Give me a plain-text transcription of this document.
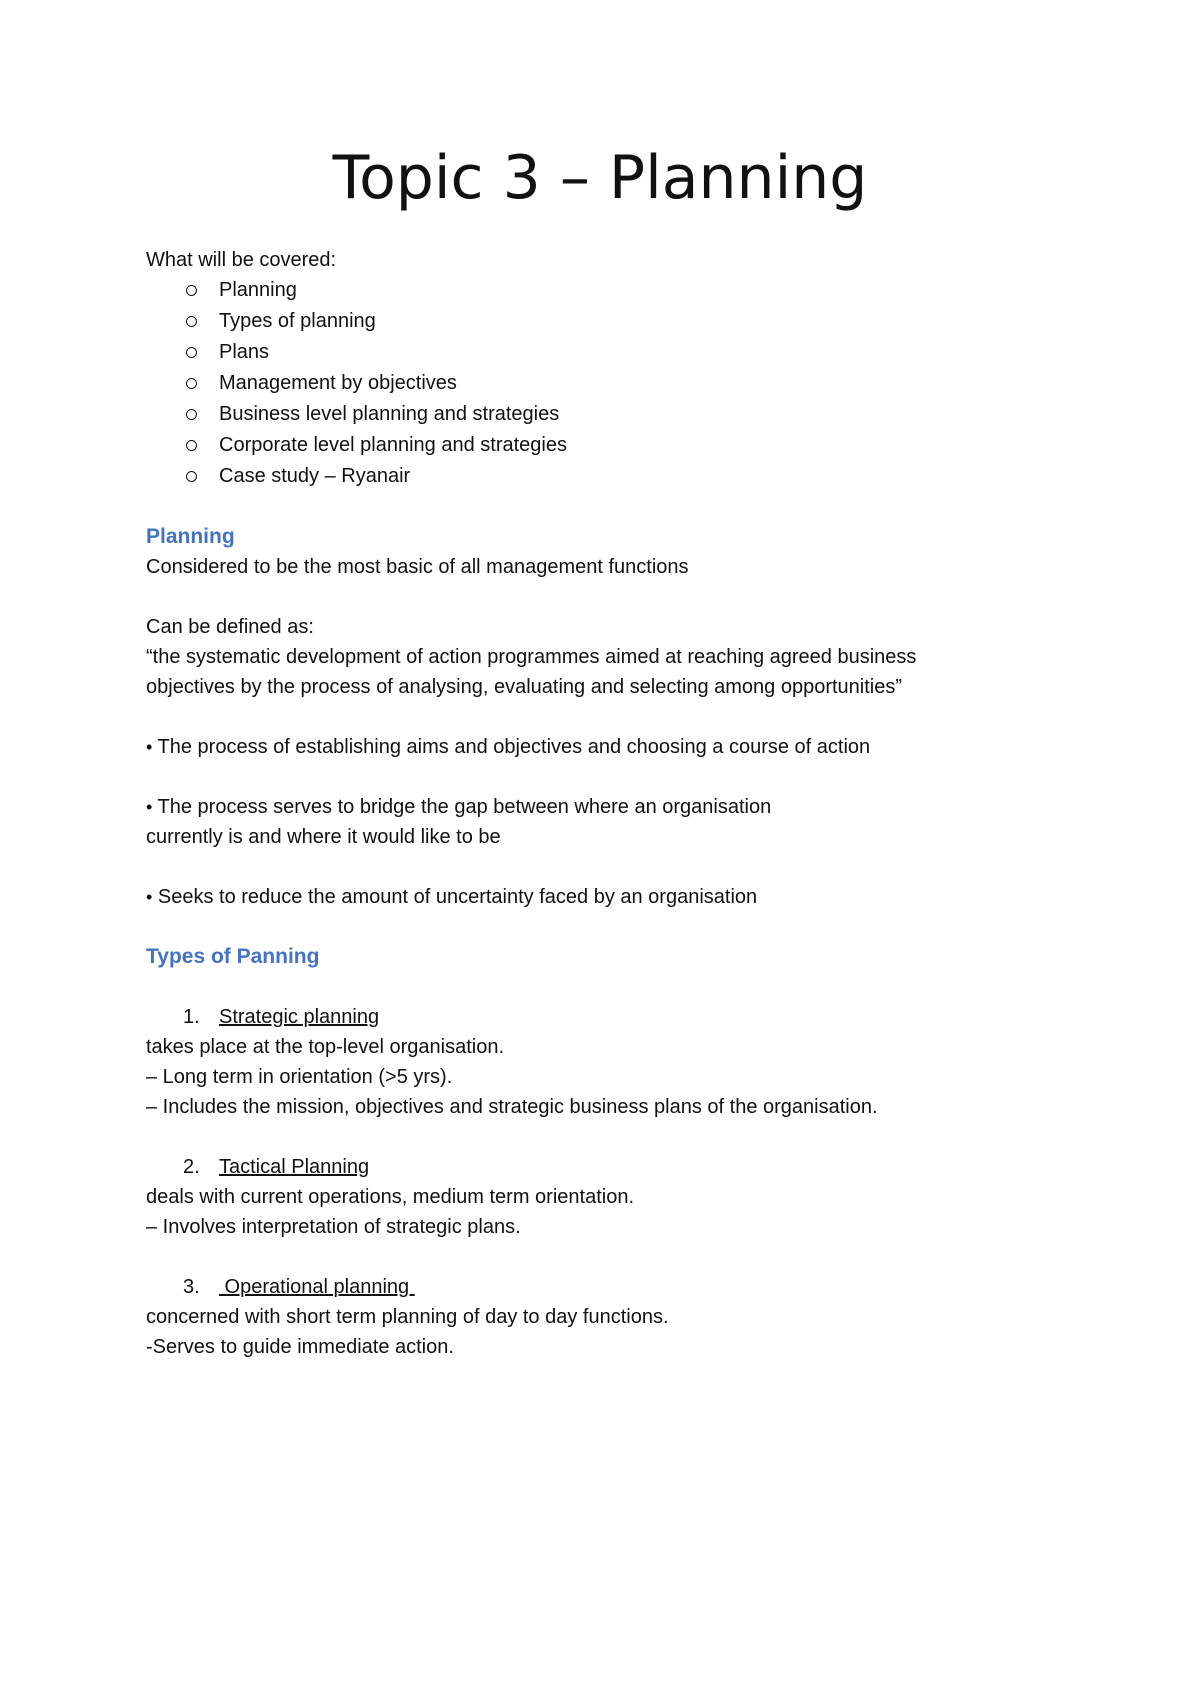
Topic 3 – Planning

What will be covered:

Planning
Types of planning
Plans
Management by objectives
Business level planning and strategies
Corporate level planning and strategies
Case study – Ryanair

Planning

Considered to be the most basic of all management functions

Can be defined as:

“the systematic development of action programmes aimed at reaching agreed business

objectives by the process of analysing, evaluating and selecting among opportunities”

• The process of establishing aims and objectives and choosing a course of action

• The process serves to bridge the gap between where an organisation

currently is and where it would like to be

• Seeks to reduce the amount of uncertainty faced by an organisation

Types of Panning

1. Strategic planning

takes place at the top-level organisation.

– Long term in orientation (>5 yrs).

– Includes the mission, objectives and strategic business plans of the organisation.

2. Tactical Planning

deals with current operations, medium term orientation.

– Involves interpretation of strategic plans.

3. Operational planning

concerned with short term planning of day to day functions.

-Serves to guide immediate action.
